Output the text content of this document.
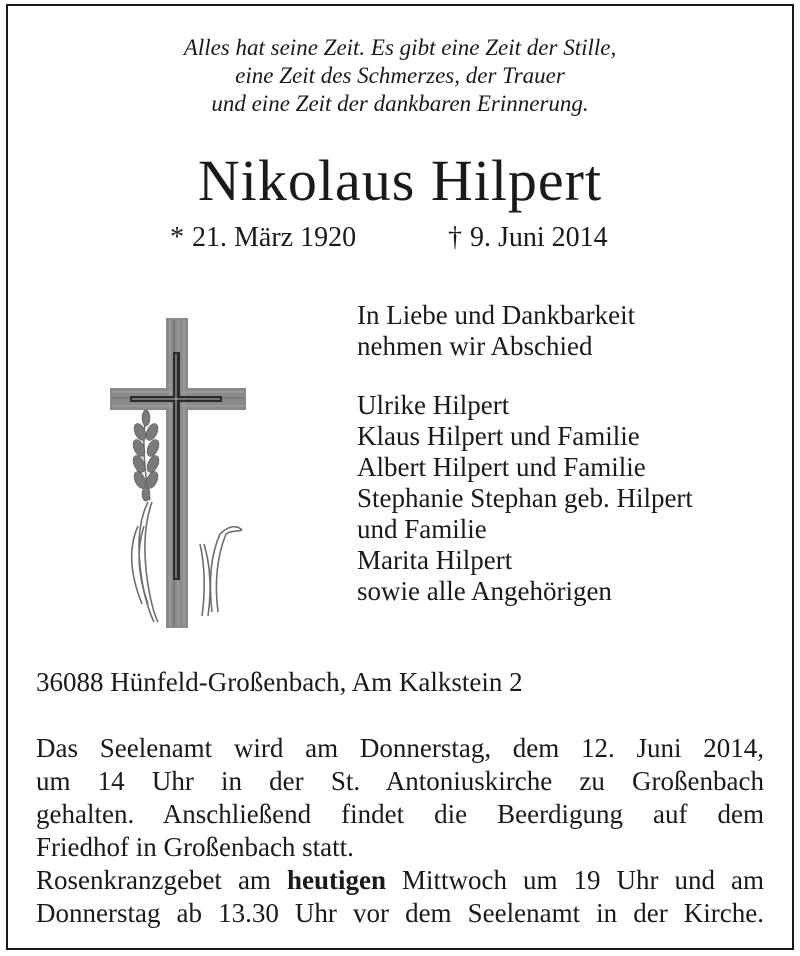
Alles hat seine Zeit. Es gibt eine Zeit der Stille,
eine Zeit des Schmerzes, der Trauer
und eine Zeit der dankbaren Erinnerung.
Nikolaus Hilpert
* 21. März 1920	† 9. Juni 2014
In Liebe und Dankbarkeit
nehmen wir Abschied
Ulrike Hilpert
Klaus Hilpert und Familie
Albert Hilpert und Familie
Stephanie Stephan geb. Hilpert
und Familie
Marita Hilpert
sowie alle Angehörigen
36088 Hünfeld-Großenbach, Am Kalkstein 2
Das Seelenamt wird am Donnerstag, dem 12. Juni 2014,
um 14 Uhr in der St. Antoniuskirche zu Großenbach
gehalten. Anschließend findet die Beerdigung auf dem
Friedhof in Großenbach statt.
Rosenkranzgebet am heutigen Mittwoch um 19 Uhr und am
Donnerstag ab 13.30 Uhr vor dem Seelenamt in der Kirche.
